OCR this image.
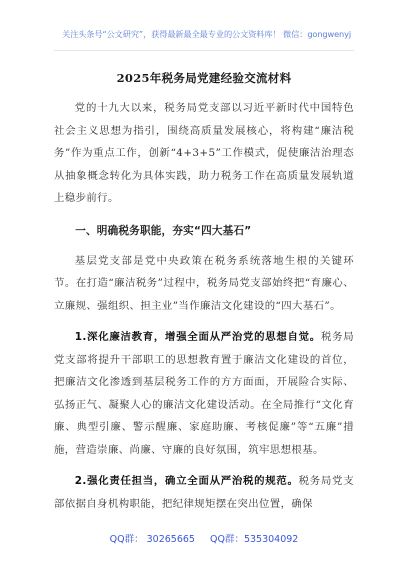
关注头条号“公文研究”，获得最新最全最专业的公文资料库！ 微信：gongwenyj
2025年税务局党建经验交流材料

党的十九大以来，税务局党支部以习近平新时代中国特色社会主义思想为指引，围绕高质量发展核心，将构建“廉洁税务”作为重点工作，创新“4+3+5”工作模式，促使廉洁治理态从抽象概念转化为具体实践，助力税务工作在高质量发展轨道上稳步前行。

一、明确税务职能，夯实“四大基石”

基层党支部是党中央政策在税务系统落地生根的关键环节。在打造“廉洁税务”过程中，税务局党支部始终把“育廉心、立廉规、强组织、担主业”当作廉洁文化建设的“四大基石”。

1.深化廉洁教育，增强全面从严治党的思想自觉。税务局党支部将提升干部职工的思想教育置于廉洁文化建设的首位，把廉洁文化渗透到基层税务工作的方方面面，开展险合实际、弘扬正气、凝聚人心的廉洁文化建设活动。在全局推行“文化育廉、典型引廉、警示醒廉、家庭助廉、考核促廉”等“五廉”措施，营造崇廉、尚廉、守廉的良好氛围，筑牢思想根基。

2.强化责任担当，确立全面从严治税的规范。税务局党支部依据自身机构职能，把纪律规矩摆在突出位置，确保

QQ群： 30265665 QQ群：535304092
